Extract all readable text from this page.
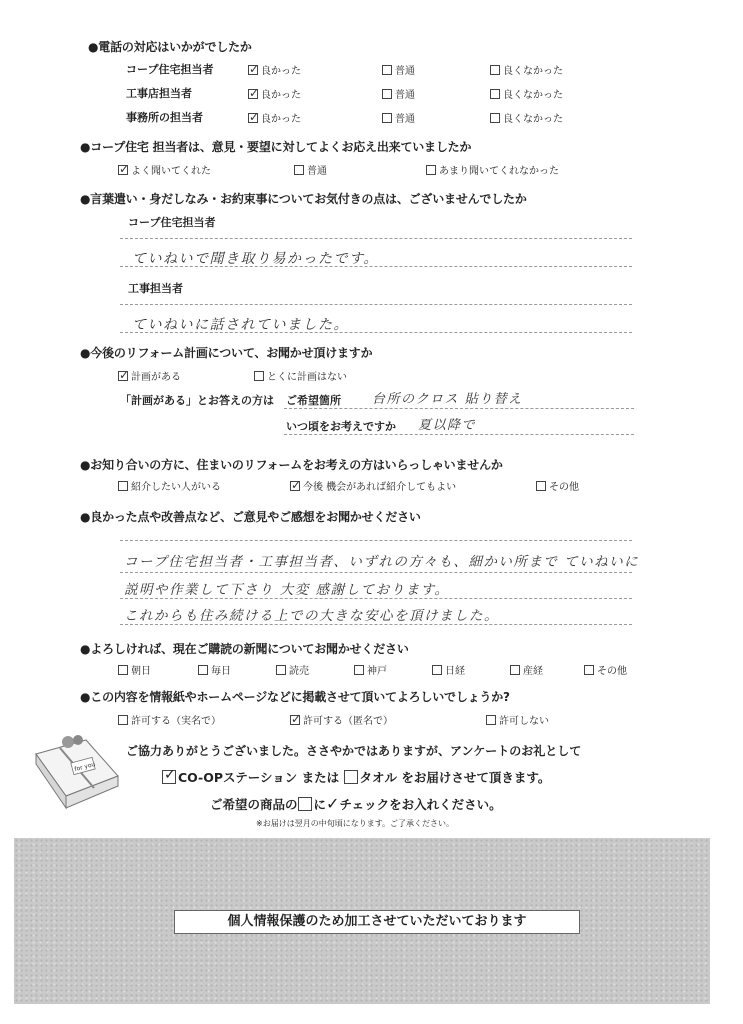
●電話の対応はいかがでしたか
コープ住宅担当者 ✓	良かった	普通	良くなかった
工事店担当者 ✓	良かった	普通	良くなかった
事務所の担当者 ✓	良かった	普通	良くなかった
●コープ住宅 担当者は、意見・要望に対してよくお応え出来ていましたか
✓
よく聞いてくれた	普通	あまり聞いてくれなかった
●言葉遣い・身だしなみ・お約束事についてお気付きの点は、ございませんでしたか
コープ住宅担当者
ていねいで聞き取り易かったです。
工事担当者
ていねいに話されていました。
●今後のリフォーム計画について、お聞かせ頂けますか
✓
計画がある	とくに計画はない
「計画がある」とお答えの方は ご希望箇所 台所のクロス 貼り替え
いつ頃をお考えですか 夏以降で
●お知り合いの方に、住まいのリフォームをお考えの方はいらっしゃいませんか
紹介したい人がいる ✓	今後 機会があれば紹介してもよい	その他
●良かった点や改善点など、ご意見やご感想をお聞かせください
コープ住宅担当者・工事担当者、いずれの方々も、細かい所まで ていねいに
説明や作業して下さり 大変 感謝しております。
これからも住み続ける上での大きな安心を頂けました。
●よろしければ、現在ご購読の新聞についてお聞かせください
朝日	毎日	読売	神戸	日経	産経	その他
●この内容を情報紙やホームページなどに掲載させて頂いてよろしいでしょうか?
許可する（実名で） ✓	許可する（匿名で）	許可しない
for you
ご協力ありがとうございました。ささやかではありますが、アンケートのお礼として
✓CO-OPステーション または タオル をお届けさせて頂きます。
ご希望の商品の に✓チェックをお入れください。
※お届けは翌月の中旬頃になります。ご了承ください。
個人情報保護のため加工させていただいております
